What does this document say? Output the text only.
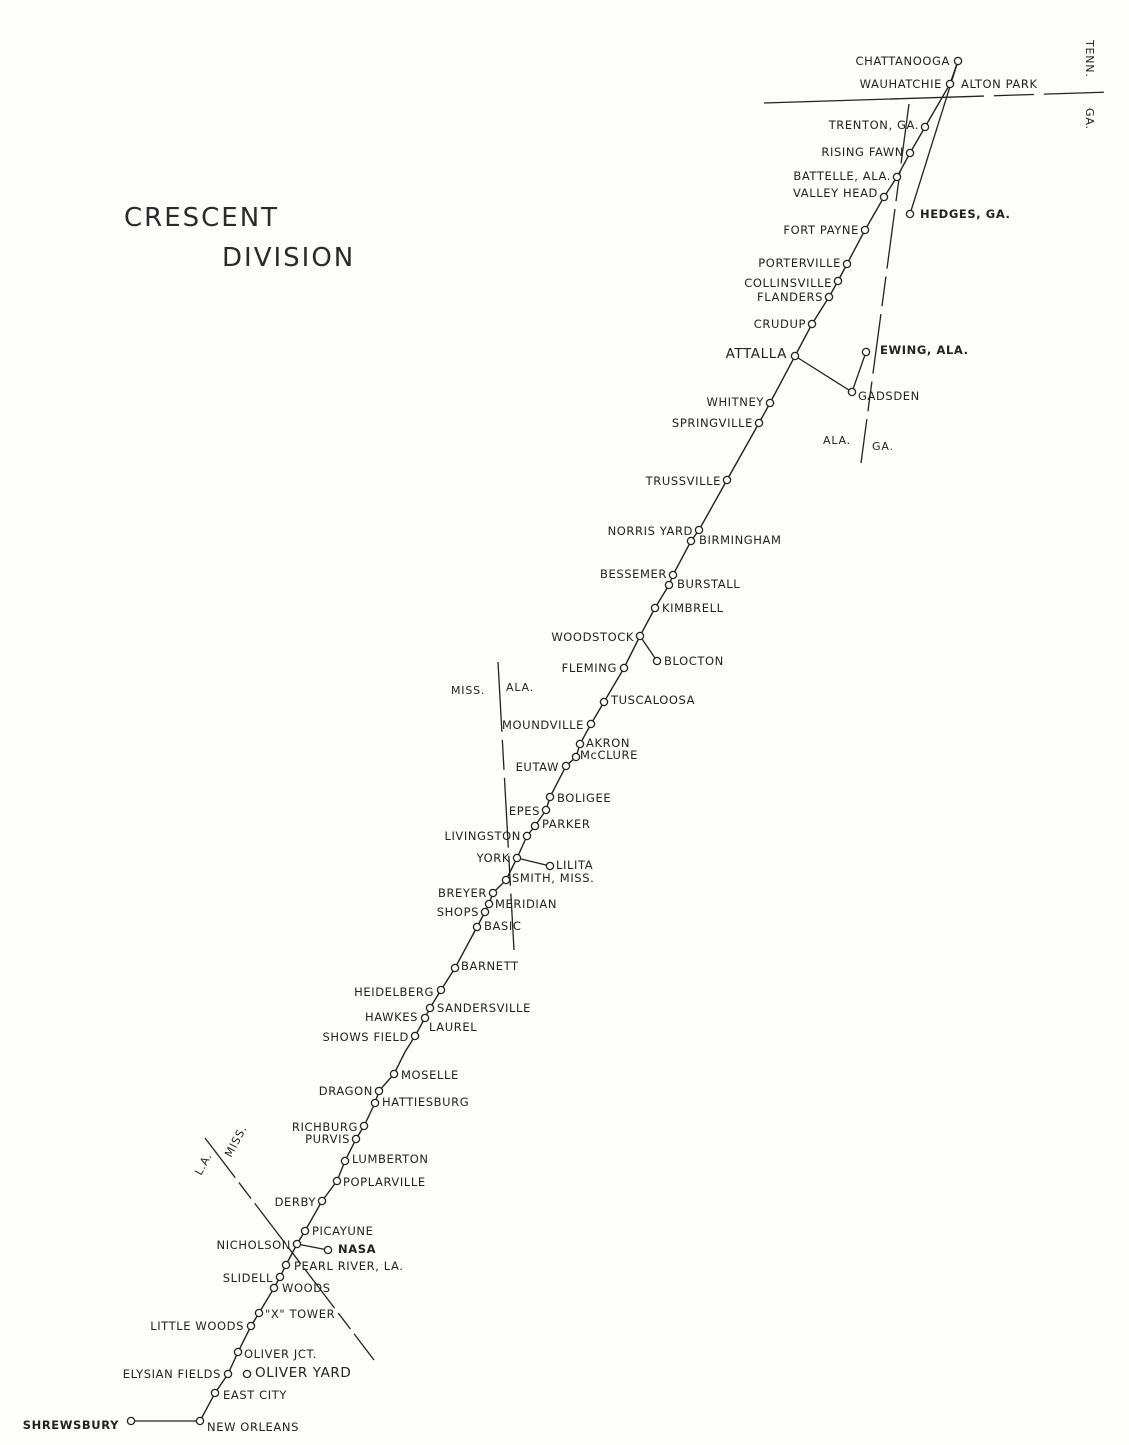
CRESCENT
DIVISION
CHATTANOOGA
WAUHATCHIE ALTON PARK
TRENTON, GA.
RISING FAWN
BATTELLE, ALA.
VALLEY HEAD
HEDGES, GA.
FORT PAYNE
PORTERVILLE
COLLINSVILLE
FLANDERS
CRUDUP
ATTALLA	EWING, ALA.
GADSDEN
WHITNEY
SPRINGVILLE
TRUSSVILLE
NORRIS YARD
BIRMINGHAM
BESSEMER
BURSTALL
KIMBRELL
WOODSTOCK
FLEMING	BLOCTON
TUSCALOOSA
MOUNDVILLE
AKRON
McCLURE
EUTAW
BOLIGEE
EPES
PARKER
LIVINGSTON
YORK	LILITA
SMITH, MISS.
BREYER
MERIDIAN
SHOPS
BASIC
BARNETT
HEIDELBERG
SANDERSVILLE
HAWKES
LAUREL
SHOWS FIELD
MOSELLE
DRAGON
HATTIESBURG
RICHBURG
PURVIS
LUMBERTON
POPLARVILLE
DERBY
PICAYUNE
NICHOLSON	NASA
PEARL RIVER, LA.
SLIDELL
WOODS
"X" TOWER
LITTLE WOODS
OLIVER JCT.
OLIVER YARD
ELYSIAN FIELDS
EAST CITY
NEW ORLEANS
SHREWSBURY
TENN.
GA.
ALA. GA.
MISS. ALA.
L.A.
MISS.
